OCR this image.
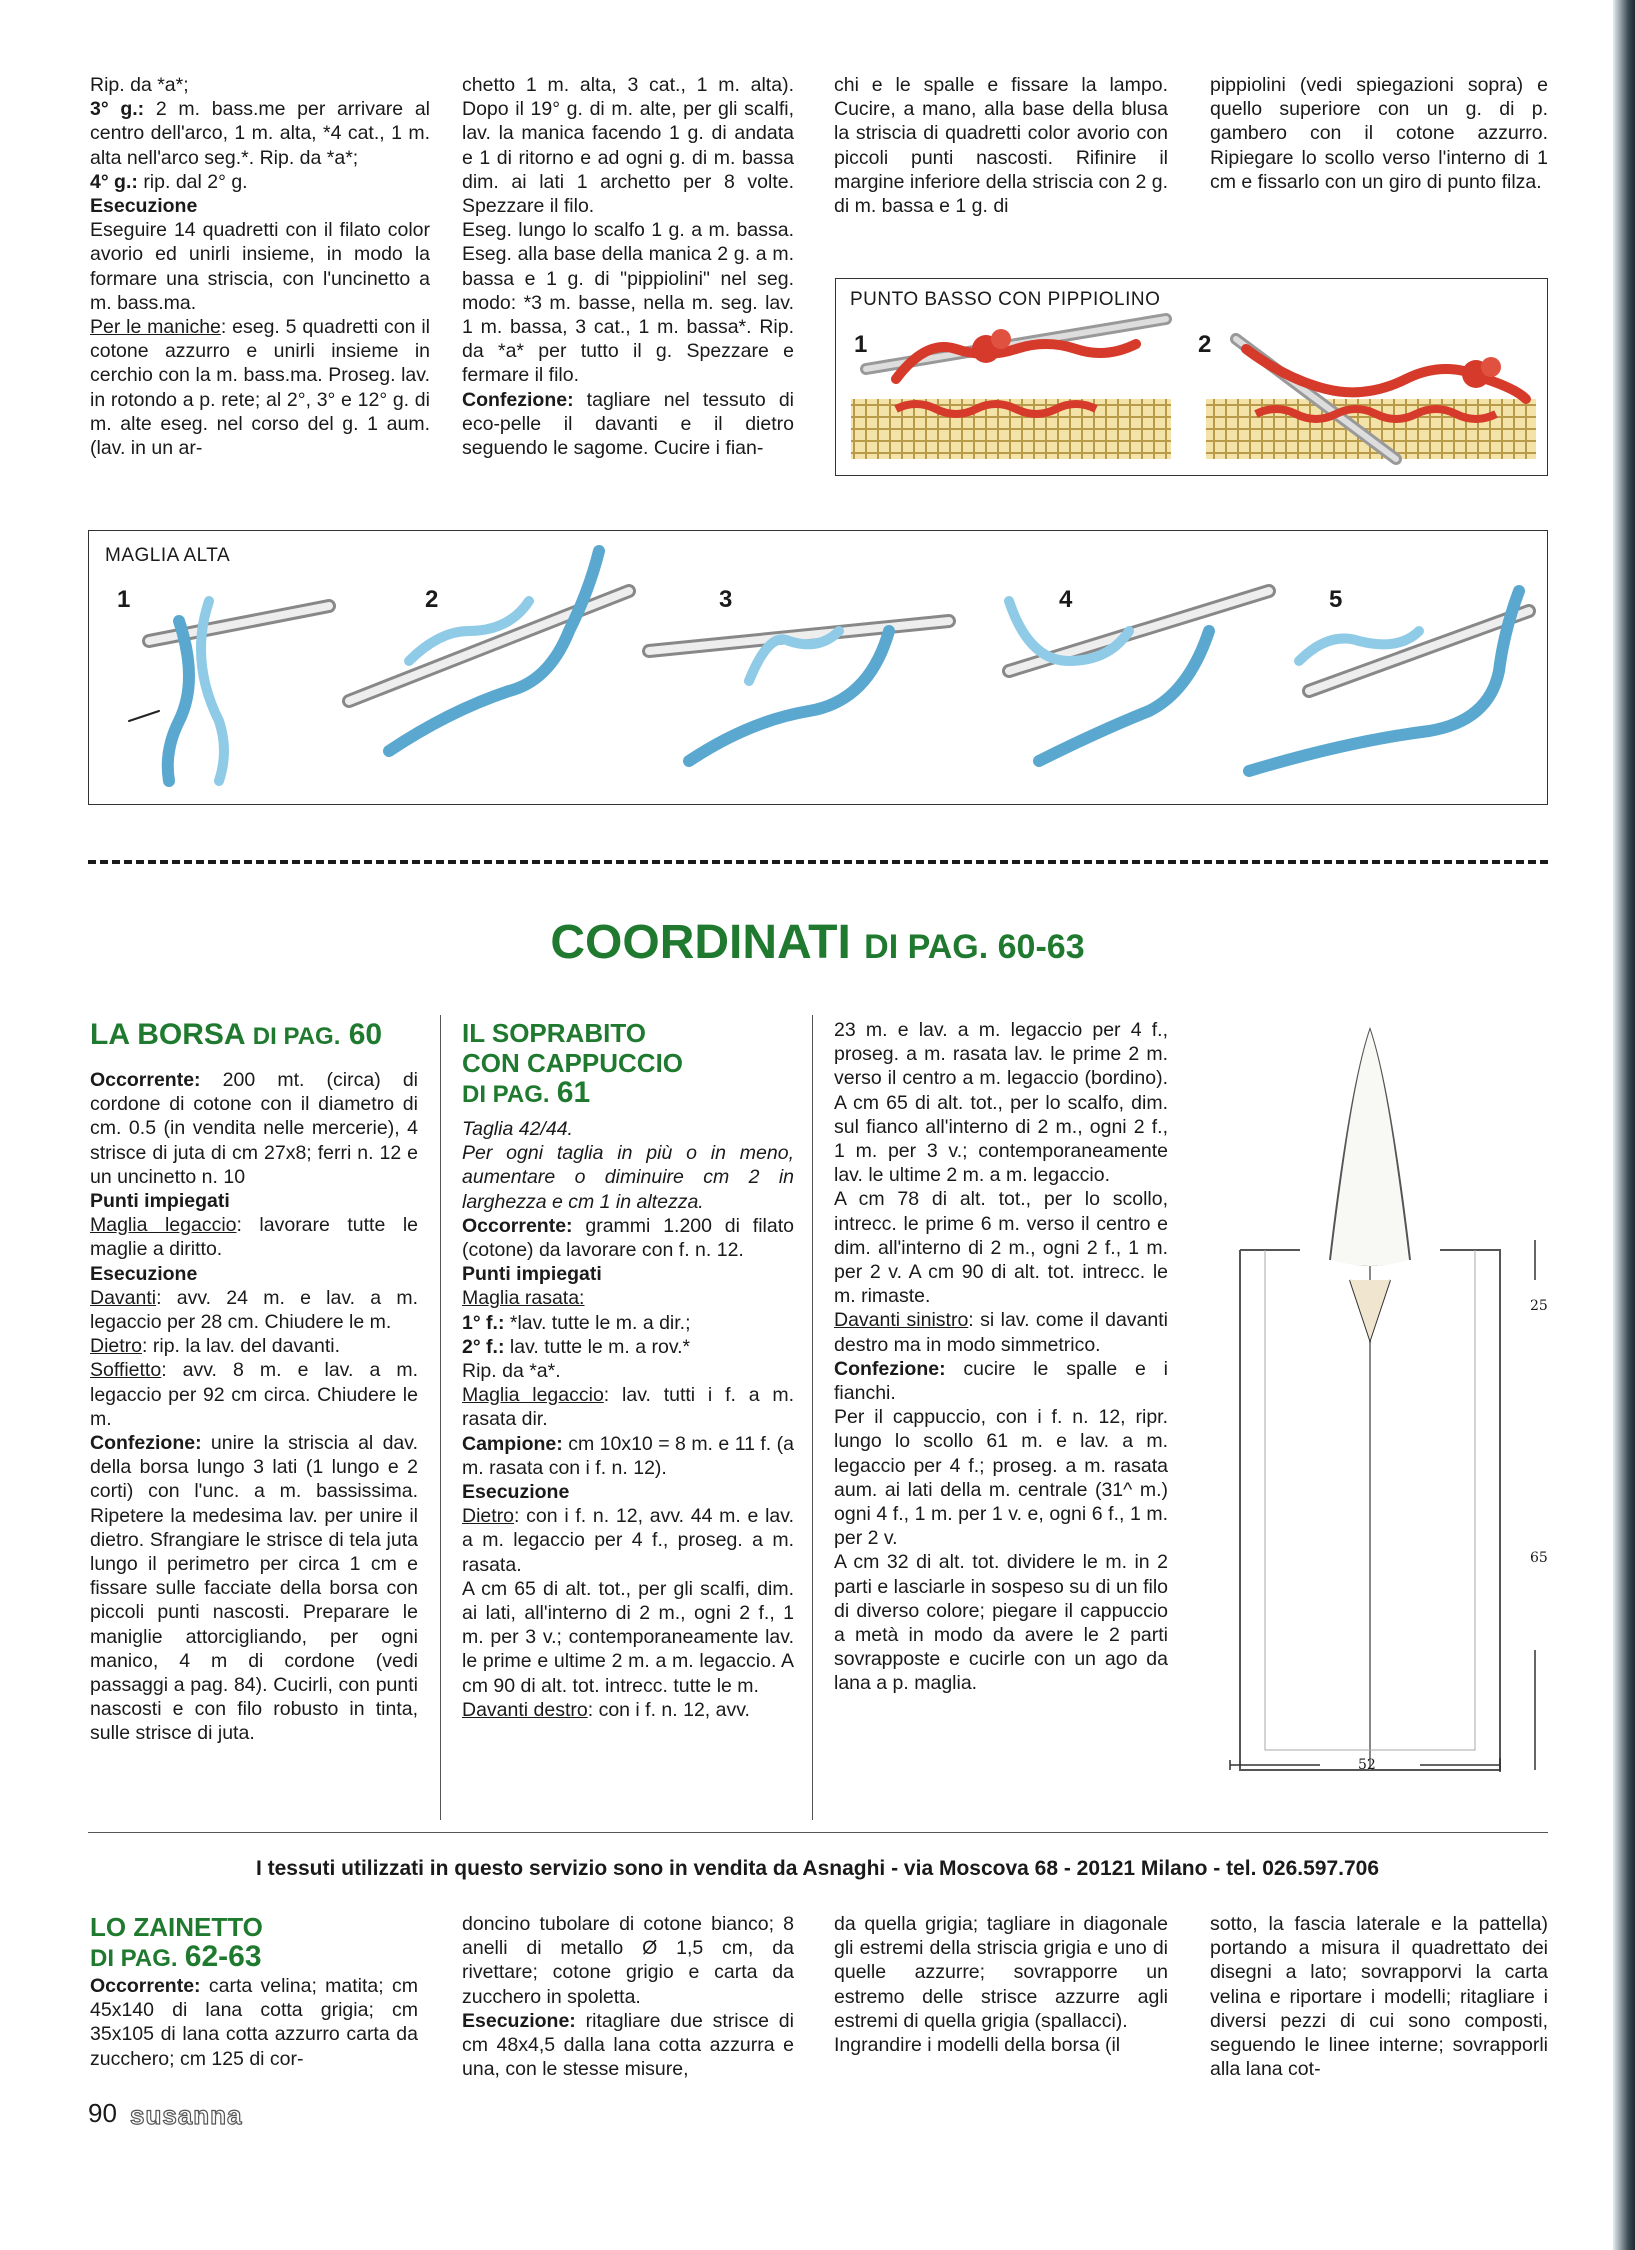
Rip. da *a*;

3° g.: 2 m. bass.me per arrivare al centro dell'arco, 1 m. alta, *4 cat., 1 m. alta nell'arco seg.*. Rip. da *a*;

4° g.: rip. dal 2° g.

Esecuzione

Eseguire 14 quadretti con il filato color avorio ed unirli insieme, in modo la formare una striscia, con l'uncinetto a m. bass.ma.

Per le maniche: eseg. 5 quadretti con il cotone azzurro e unirli insieme in cerchio con la m. bass.ma. Proseg. lav. in rotondo a p. rete; al 2°, 3° e 12° g. di m. alte eseg. nel corso del g. 1 aum. (lav. in un ar-

chetto 1 m. alta, 3 cat., 1 m. alta). Dopo il 19° g. di m. alte, per gli scalfi, lav. la manica facendo 1 g. di andata e 1 di ritorno e ad ogni g. di m. bassa dim. ai lati 1 archetto per 8 volte. Spezzare il filo.

Eseg. lungo lo scalfo 1 g. a m. bassa. Eseg. alla base della manica 2 g. a m. bassa e 1 g. di "pippiolini" nel seg. modo: *3 m. basse, nella m. seg. lav. 1 m. bassa, 3 cat., 1 m. bassa*. Rip. da *a* per tutto il g. Spezzare e fermare il filo.

Confezione: tagliare nel tessuto di eco-pelle il davanti e il dietro seguendo le sagome. Cucire i fian-

chi e le spalle e fissare la lampo. Cucire, a mano, alla base della blusa la striscia di quadretti color avorio con piccoli punti nascosti. Rifinire il margine inferiore della striscia con 2 g. di m. bassa e 1 g. di

pippiolini (vedi spiegazioni sopra) e quello superiore con un g. di p. gambero con il cotone azzurro. Ripiegare lo scollo verso l'interno di 1 cm e fissarlo con un giro di punto filza.

PUNTO BASSO CON PIPPIOLINO
1	2
MAGLIA ALTA
1	2	3	4	5
COORDINATI DI PAG. 60-63
LA BORSA DI PAG. 60

Occorrente: 200 mt. (circa) di cordone di cotone con il diametro di cm. 0.5 (in vendita nelle mercerie), 4 strisce di juta di cm 27x8; ferri n. 12 e un uncinetto n. 10

Punti impiegati

Maglia legaccio: lavorare tutte le maglie a diritto.

Esecuzione

Davanti: avv. 24 m. e lav. a m. legaccio per 28 cm. Chiudere le m.

Dietro: rip. la lav. del davanti.

Soffietto: avv. 8 m. e lav. a m. legaccio per 92 cm circa. Chiudere le m.

Confezione: unire la striscia al dav. della borsa lungo 3 lati (1 lungo e 2 corti) con l'unc. a m. bassissima. Ripetere la medesima lav. per unire il dietro. Sfrangiare le strisce di tela juta lungo il perimetro per circa 1 cm e fissare sulle facciate della borsa con piccoli punti nascosti. Preparare le maniglie attorcigliando, per ogni manico, 4 m di cordone (vedi passaggi a pag. 84). Cucirli, con punti nascosti e con filo robusto in tinta, sulle strisce di juta.

IL SOPRABITO
CON CAPPUCCIO
DI PAG. 61

Taglia 42/44.

Per ogni taglia in più o in meno, aumentare o diminuire cm 2 in larghezza e cm 1 in altezza.

Occorrente: grammi 1.200 di filato (cotone) da lavorare con f. n. 12.

Punti impiegati

Maglia rasata:

1° f.: *lav. tutte le m. a dir.;

2° f.: lav. tutte le m. a rov.*

Rip. da *a*.

Maglia legaccio: lav. tutti i f. a m. rasata dir.

Campione: cm 10x10 = 8 m. e 11 f. (a m. rasata con i f. n. 12).

Esecuzione

Dietro: con i f. n. 12, avv. 44 m. e lav. a m. legaccio per 4 f., proseg. a m. rasata.

A cm 65 di alt. tot., per gli scalfi, dim. ai lati, all'interno di 2 m., ogni 2 f., 1 m. per 3 v.; contemporaneamente lav. le prime e ultime 2 m. a m. legaccio. A cm 90 di alt. tot. intrecc. tutte le m.

Davanti destro: con i f. n. 12, avv.

23 m. e lav. a m. legaccio per 4 f., proseg. a m. rasata lav. le prime 2 m. verso il centro a m. legaccio (bordino). A cm 65 di alt. tot., per lo scalfo, dim. sul fianco all'interno di 2 m., ogni 2 f., 1 m. per 3 v.; contemporaneamente lav. le ultime 2 m. a m. legaccio.

A cm 78 di alt. tot., per lo scollo, intrecc. le prime 6 m. verso il centro e dim. all'interno di 2 m., ogni 2 f., 1 m. per 2 v. A cm 90 di alt. tot. intrecc. le m. rimaste.

Davanti sinistro: si lav. come il davanti destro ma in modo simmetrico.

Confezione: cucire le spalle e i fianchi.

Per il cappuccio, con i f. n. 12, ripr. lungo lo scollo 61 m. e lav. a m. legaccio per 4 f.; proseg. a m. rasata aum. ai lati della m. centrale (31^ m.) ogni 4 f., 1 m. per 1 v. e, ogni 6 f., 1 m. per 2 v.

A cm 32 di alt. tot. dividere le m. in 2 parti e lasciarle in sospeso su di un filo di diverso colore; piegare il cappuccio a metà in modo da avere le 2 parti sovrapposte e cucirle con un ago da lana a p. maglia.

25
65
52
I tessuti utilizzati in questo servizio sono in vendita da Asnaghi - via Moscova 68 - 20121 Milano - tel. 026.597.706
LO ZAINETTO
DI PAG. 62-63

Occorrente: carta velina; matita; cm 45x140 di lana cotta grigia; cm 35x105 di lana cotta azzurro carta da zucchero; cm 125 di cor-

doncino tubolare di cotone bianco; 8 anelli di metallo Ø 1,5 cm, da rivettare; cotone grigio e carta da zucchero in spoletta.

Esecuzione: ritagliare due strisce di cm 48x4,5 dalla lana cotta azzurra e una, con le stesse misure,

da quella grigia; tagliare in diagonale gli estremi della striscia grigia e uno di quelle azzurre; sovrapporre un estremo delle strisce azzurre agli estremi di quella grigia (spallacci).

Ingrandire i modelli della borsa (il

sotto, la fascia laterale e la pattella) portando a misura il quadrettato dei disegni a lato; sovrapporvi la carta velina e riportare i modelli; ritagliare i diversi pezzi di cui sono composti, seguendo le linee interne; sovrapporli alla lana cot-

90 susanna
